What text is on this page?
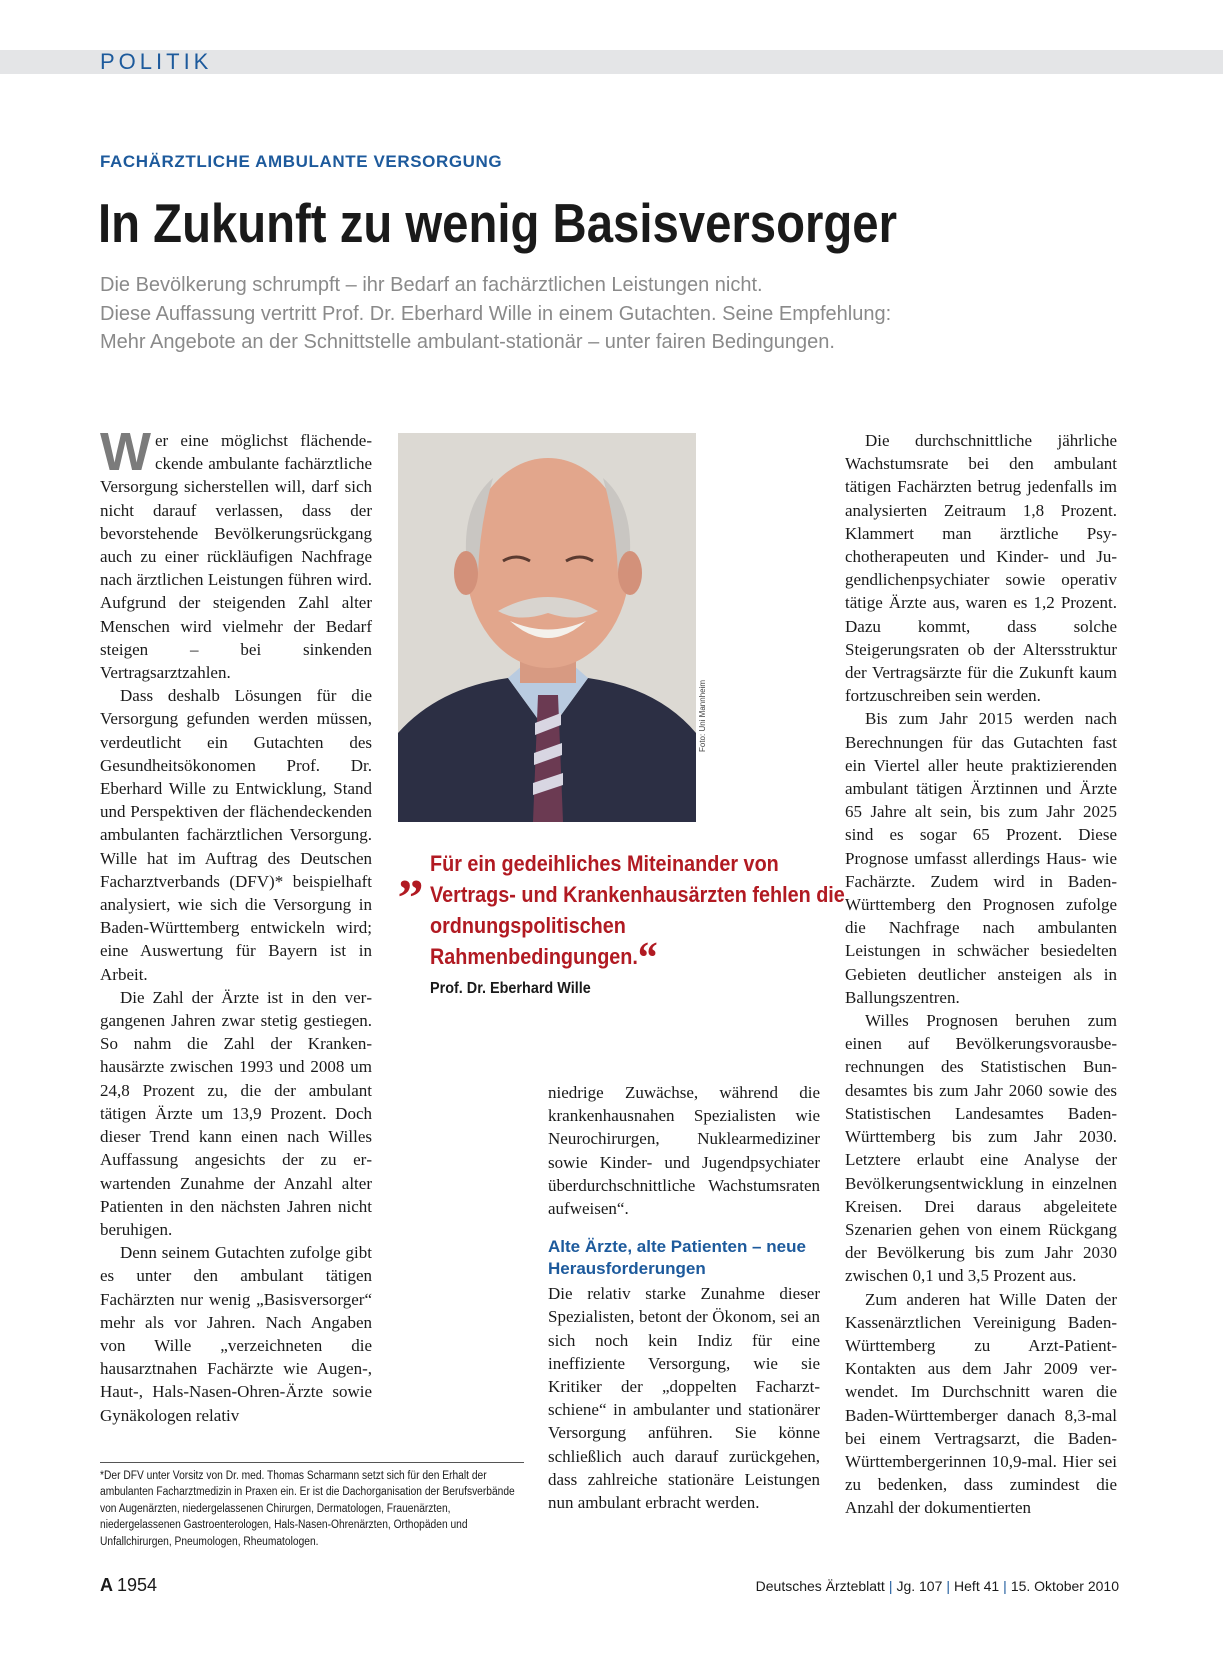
POLITIK
FACHÄRZTLICHE AMBULANTE VERSORGUNG
In Zukunft zu wenig Basisversorger
Die Bevölkerung schrumpft – ihr Bedarf an fachärztlichen Leistungen nicht.
Diese Auffassung vertritt Prof. Dr. Eberhard Wille in einem Gutachten. Seine Empfehlung:
Mehr Angebote an der Schnittstelle ambulant-stationär – unter fairen Bedingungen.

Wer eine möglichst flächendeckende ambulante fachärztliche Versorgung sicherstellen will, darf sich nicht darauf verlassen, dass der bevorstehende Bevölkerungsrückgang auch zu einer rückläufigen Nachfrage nach ärztlichen Leistungen führen wird. Aufgrund der steigenden Zahl alter Menschen wird vielmehr der Bedarf steigen – bei sinkenden Vertragsarztzahlen.

Dass deshalb Lösungen für die Versorgung gefunden werden müssen, verdeutlicht ein Gutachten des Gesundheitsökonomen Prof. Dr. Eberhard Wille zu Entwicklung, Stand und Perspektiven der flächendeckenden ambulanten fachärztlichen Versorgung. Wille hat im Auftrag des Deutschen Facharztverbands (DFV)* beispielhaft analysiert, wie sich die Versorgung in Baden-Württemberg entwickeln wird; eine Auswertung für Bayern ist in Arbeit.

Die Zahl der Ärzte ist in den vergangenen Jahren zwar stetig gestiegen. So nahm die Zahl der Krankenhausärzte zwischen 1993 und 2008 um 24,8 Prozent zu, die der ambulant tätigen Ärzte um 13,9 Prozent. Doch dieser Trend kann einen nach Willes Auffassung angesichts der zu erwartenden Zunahme der Anzahl alter Patienten in den nächsten Jahren nicht beruhigen.

Denn seinem Gutachten zufolge gibt es unter den ambulant tätigen Fachärzten nur wenig „Basisversorger“ mehr als vor Jahren. Nach Angaben von Wille „verzeichneten die hausarztnahen Fachärzte wie Augen-, Haut-, Hals-Nasen-Ohren-Ärzte sowie Gynäkologen relativ

Foto: Uni Mannheim
„ Für ein gedeihliches Miteinander von Vertrags- und Krankenhausärzten fehlen die ordnungspolitischen Rahmenbedingungen.“
Prof. Dr. Eberhard Wille

niedrige Zuwächse, während die krankenhausnahen Spezialisten wie Neurochirurgen, Nuklearmediziner sowie Kinder- und Jugendpsychiater überdurchschnittliche Wachstumsraten aufweisen“.

Alte Ärzte, alte Patienten – neue Herausforderungen

Die relativ starke Zunahme dieser Spezialisten, betont der Ökonom, sei an sich noch kein Indiz für eine ineffiziente Versorgung, wie sie Kritiker der „doppelten Facharztschiene“ in ambulanter und stationärer Versorgung anführen. Sie könne schließlich auch darauf zurückgehen, dass zahlreiche stationäre Leistungen nun ambulant erbracht werden.

Die durchschnittliche jährliche Wachstumsrate bei den ambulant tätigen Fachärzten betrug jedenfalls im analysierten Zeitraum 1,8 Prozent. Klammert man ärztliche Psychotherapeuten und Kinder- und Jugendlichenpsychiater sowie operativ tätige Ärzte aus, waren es 1,2 Prozent. Dazu kommt, dass solche Steigerungsraten ob der Altersstruktur der Vertragsärzte für die Zukunft kaum fortzuschreiben sein werden.

Bis zum Jahr 2015 werden nach Berechnungen für das Gutachten fast ein Viertel aller heute praktizierenden ambulant tätigen Ärztinnen und Ärzte 65 Jahre alt sein, bis zum Jahr 2025 sind es sogar 65 Prozent. Diese Prognose umfasst allerdings Haus- wie Fachärzte. Zudem wird in Baden-Württemberg den Prognosen zufolge die Nachfrage nach ambulanten Leistungen in schwächer besiedelten Gebieten deutlicher ansteigen als in Ballungszentren.

Willes Prognosen beruhen zum einen auf Bevölkerungsvorausberechnungen des Statistischen Bundesamtes bis zum Jahr 2060 sowie des Statistischen Landesamtes Baden-Württemberg bis zum Jahr 2030. Letztere erlaubt eine Analyse der Bevölkerungsentwicklung in einzelnen Kreisen. Drei daraus abgeleitete Szenarien gehen von einem Rückgang der Bevölkerung bis zum Jahr 2030 zwischen 0,1 und 3,5 Prozent aus.

Zum anderen hat Wille Daten der Kassenärztlichen Vereinigung Baden-Württemberg zu Arzt-Patient-Kontakten aus dem Jahr 2009 verwendet. Im Durchschnitt waren die Baden-Württemberger danach 8,3-mal bei einem Vertragsarzt, die Baden-Württembergerinnen 10,9-mal. Hier sei zu bedenken, dass zumindest die Anzahl der dokumentierten

*Der DFV unter Vorsitz von Dr. med. Thomas Scharmann setzt sich für den Erhalt der ambulanten Facharztmedizin in Praxen ein. Er ist die Dachorganisation der Berufsverbände von Augenärzten, niedergelassenen Chirurgen, Dermatologen, Frauenärzten, niedergelassenen Gastroenterologen, Hals-Nasen-Ohrenärzten, Orthopäden und Unfallchirurgen, Pneumologen, Rheumatologen.
A 1954	Deutsches Ärzteblatt | Jg. 107 | Heft 41 | 15. Oktober 2010
